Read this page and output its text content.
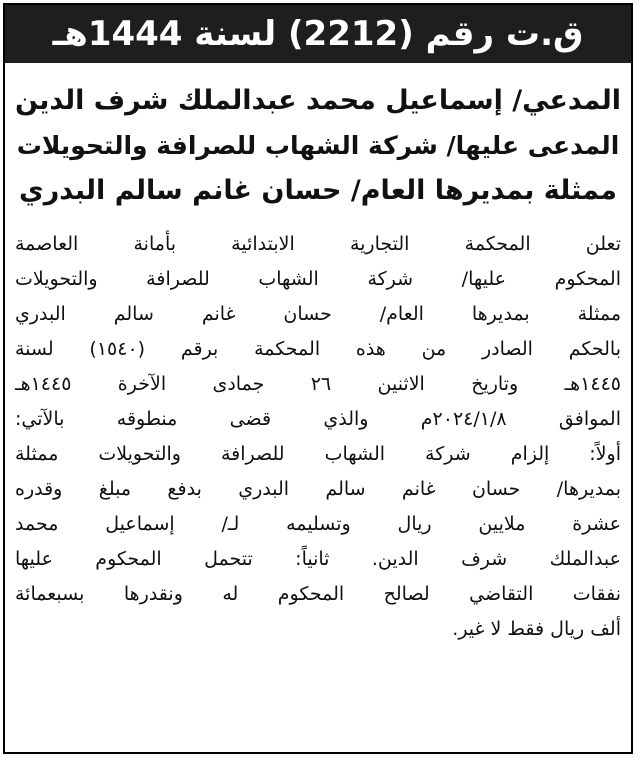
ق.ت رقم (2212) لسنة 1444هـ
المدعي/ إسماعيل محمد عبدالملك شرف الدين
المدعى عليها/ شركة الشهاب للصرافة والتحويلات
ممثلة بمديرها العام/ حسان غانم سالم البدري
تعلن المحكمة التجارية الابتدائية بأمانة العاصمة
المحكوم عليها/ شركة الشهاب للصرافة والتحويلات
ممثلة بمديرها العام/ حسان غانم سالم البدري
بالحكم الصادر من هذه المحكمة برقم (١٥٤٠) لسنة
١٤٤٥هـ وتاريخ الاثنين ٢٦ جمادى الآخرة ١٤٤٥هـ
الموافق ٢٠٢٤/١/٨م والذي قضى منطوقه بالآتي:
أولاً: إلزام شركة الشهاب للصرافة والتحويلات ممثلة
بمديرها/ حسان غانم سالم البدري بدفع مبلغ وقدره
عشرة ملايين ريال وتسليمه لـ/ إسماعيل محمد
عبدالملك شرف الدين. ثانياً: تتحمل المحكوم عليها
نفقات التقاضي لصالح المحكوم له ونقدرها بسبعمائة
ألف ريال فقط لا غير.
